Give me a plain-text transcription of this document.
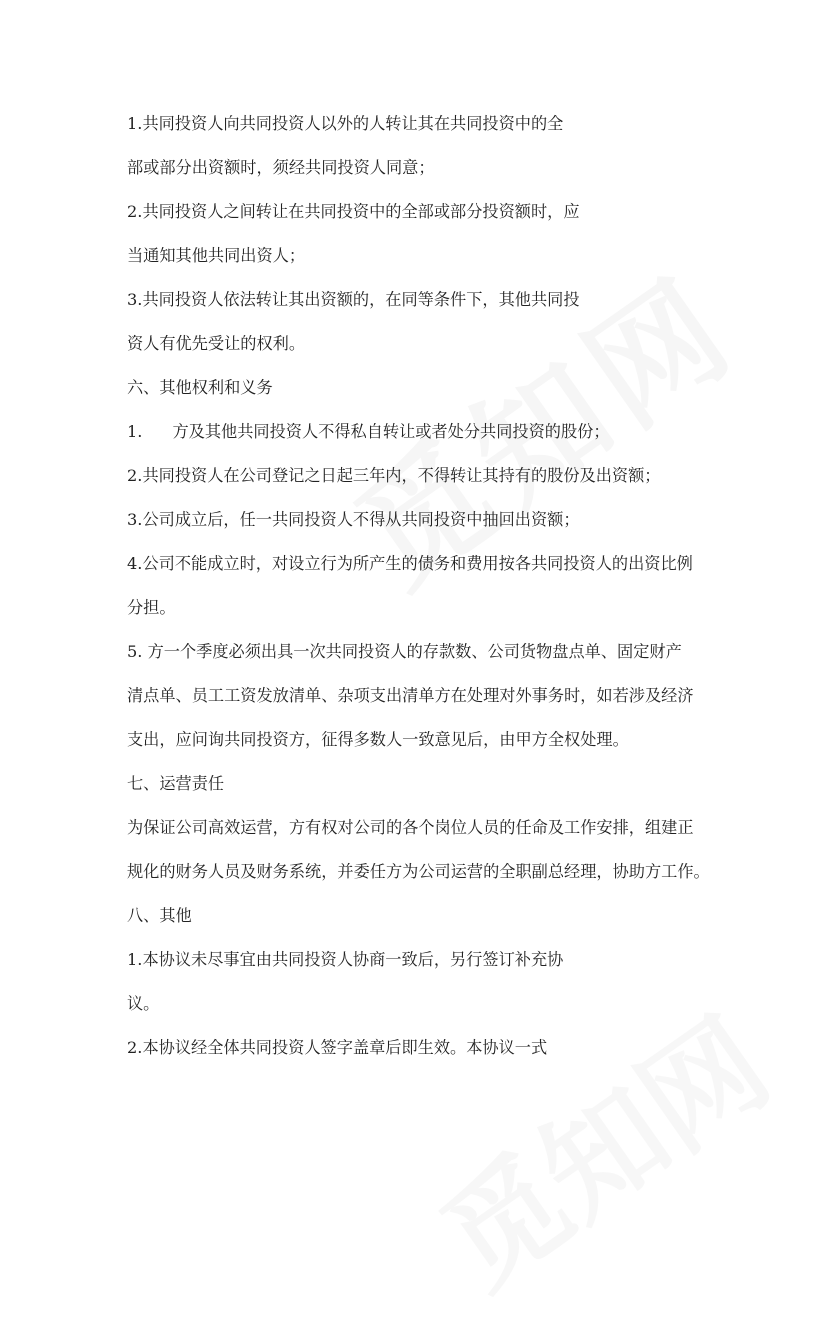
1.共同投资人向共同投资人以外的人转让其在共同投资中的全
部或部分出资额时，须经共同投资人同意；
2.共同投资人之间转让在共同投资中的全部或部分投资额时，应
当通知其他共同出资人；
3.共同投资人依法转让其出资额的，在同等条件下，其他共同投
资人有优先受让的权利。
六、其他权利和义务
1. 方及其他共同投资人不得私自转让或者处分共同投资的股份；
2.共同投资人在公司登记之日起三年内，不得转让其持有的股份及出资额；
3.公司成立后，任一共同投资人不得从共同投资中抽回出资额；
4.公司不能成立时，对设立行为所产生的债务和费用按各共同投资人的出资比例
分担。
5. 方一个季度必须出具一次共同投资人的存款数、公司货物盘点单、固定财产
清点单、员工工资发放清单、杂项支出清单方在处理对外事务时，如若涉及经济
支出，应问询共同投资方，征得多数人一致意见后，由甲方全权处理。
七、运营责任
为保证公司高效运营，方有权对公司的各个岗位人员的任命及工作安排，组建正
规化的财务人员及财务系统，并委任方为公司运营的全职副总经理，协助方工作。
八、其他
1.本协议未尽事宜由共同投资人协商一致后，另行签订补充协
议。
2.本协议经全体共同投资人签字盖章后即生效。本协议一式
